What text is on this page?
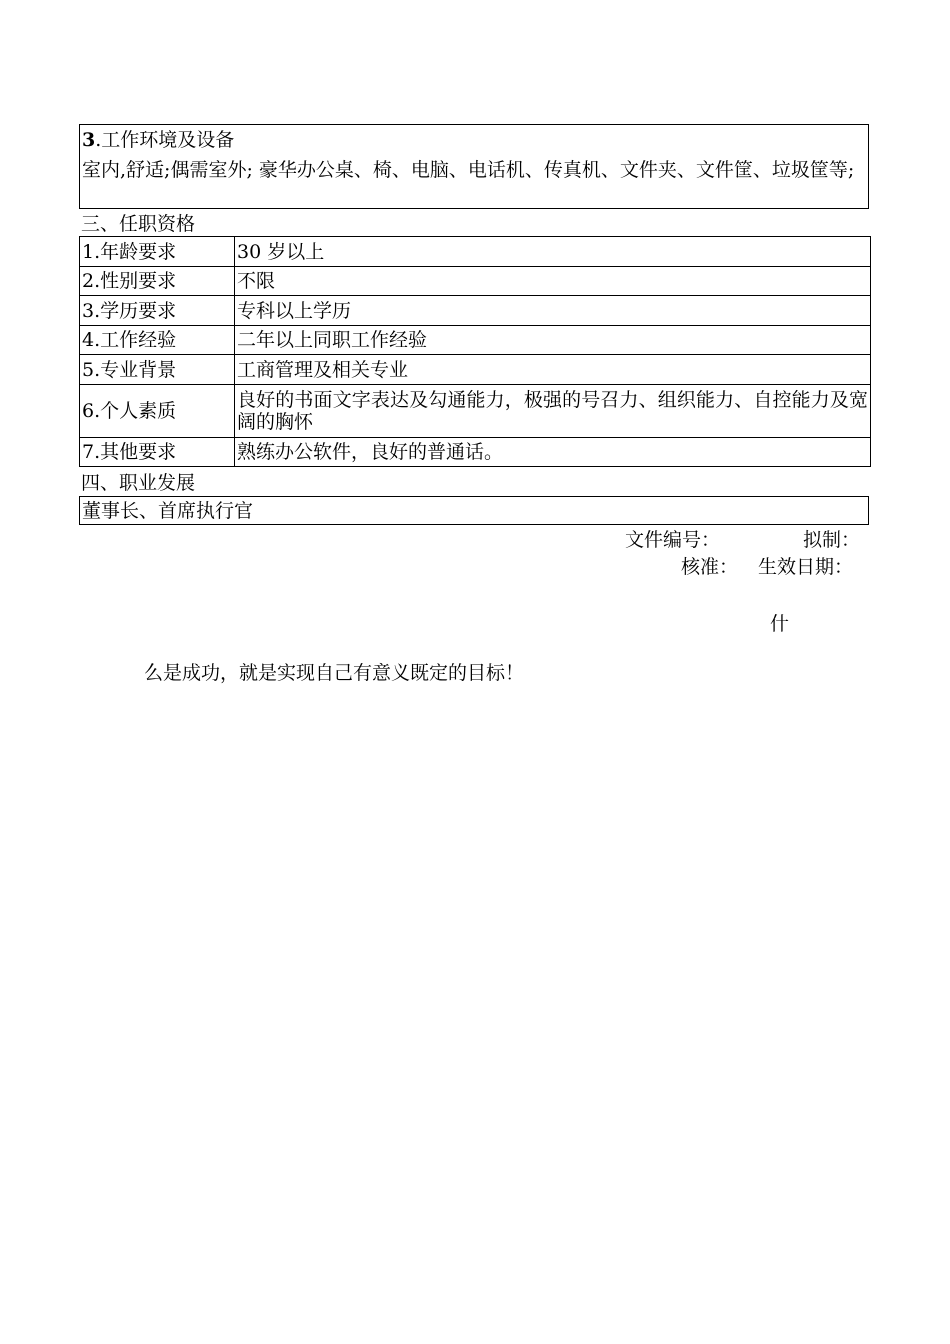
3.工作环境及设备
室内,舒适;偶需室外; 豪华办公桌、椅、电脑、电话机、传真机、文件夹、文件筐、垃圾筐等;
三、任职资格
1.年龄要求	30 岁以上
2.性别要求	不限
3.学历要求	专科以上学历
4.工作经验	二年以上同职工作经验
5.专业背景	工商管理及相关专业
6.个人素质	良好的书面文字表达及勾通能力，极强的号召力、组织能力、自控能力及宽阔的胸怀
7.其他要求	熟练办公软件，良好的普通话。
四、职业发展
董事长、首席执行官
文件编号：	拟制：
核准： 生效日期：
什
么是成功，就是实现自己有意义既定的目标！
